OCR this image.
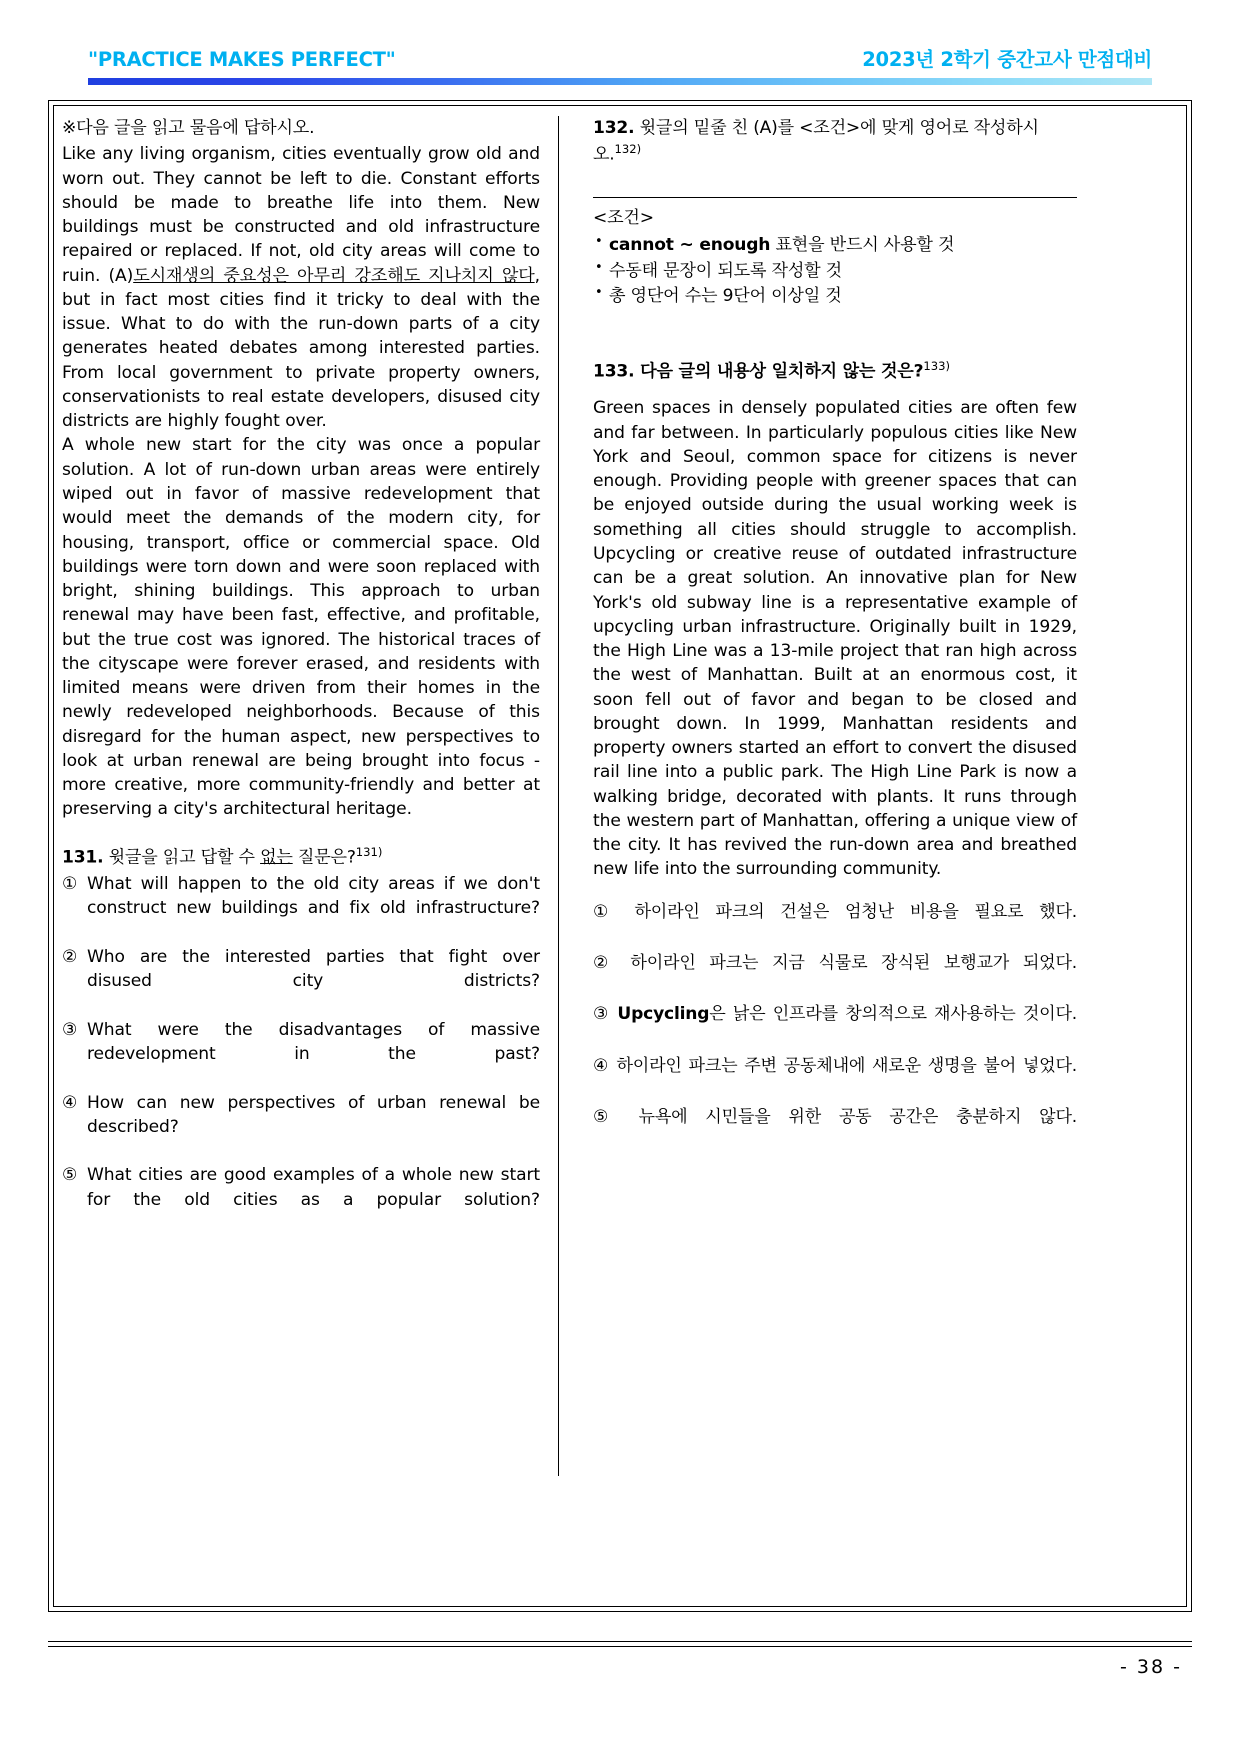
"PRACTICE MAKES PERFECT"	2023년 2학기 중간고사 만점대비

※다음 글을 읽고 물음에 답하시오.

Like any living organism, cities eventually grow old and worn out. They cannot be left to die. Constant efforts should be made to breathe life into them. New buildings must be constructed and old infrastructure repaired or replaced. If not, old city areas will come to ruin. (A)도시재생의 중요성은 아무리 강조해도 지나치지 않다, but in fact most cities find it tricky to deal with the issue. What to do with the run-down parts of a city generates heated debates among interested parties. From local government to private property owners, conservationists to real estate developers, disused city districts are highly fought over.

A whole new start for the city was once a popular solution. A lot of run-down urban areas were entirely wiped out in favor of massive redevelopment that would meet the demands of the modern city, for housing, transport, office or commercial space. Old buildings were torn down and were soon replaced with bright, shining buildings. This approach to urban renewal may have been fast, effective, and profitable, but the true cost was ignored. The historical traces of the cityscape were forever erased, and residents with limited means were driven from their homes in the newly redeveloped neighborhoods. Because of this disregard for the human aspect, new perspectives to look at urban renewal are being brought into focus - more creative, more community-friendly and better at preserving a city's architectural heritage.

131. 윗글을 읽고 답할 수 없는 질문은?$^{131)}$
① What will happen to the old city areas if we don't construct new buildings and fix old infrastructure?
② Who are the interested parties that fight over disused city districts?
③ What were the disadvantages of massive redevelopment in the past?
④ How can new perspectives of urban renewal be described?
⑤ What cities are good examples of a whole new start for the old cities as a popular solution?
132. 윗글의 밑줄 친 (A)를 <조건>에 맞게 영어로 작성하시오.$^{132)}$

<조건>

• cannot ~ enough 표현을 반드시 사용할 것
• 수동태 문장이 되도록 작성할 것
• 총 영단어 수는 9단어 이상일 것
133. 다음 글의 내용상 일치하지 않는 것은?$^{133)}$

Green spaces in densely populated cities are often few and far between. In particularly populous cities like New York and Seoul, common space for citizens is never enough. Providing people with greener spaces that can be enjoyed outside during the usual working week is something all cities should struggle to accomplish. Upcycling or creative reuse of outdated infrastructure can be a great solution. An innovative plan for New York's old subway line is a representative example of upcycling urban infrastructure. Originally built in 1929, the High Line was a 13-mile project that ran high across the west of Manhattan. Built at an enormous cost, it soon fell out of favor and began to be closed and brought down. In 1999, Manhattan residents and property owners started an effort to convert the disused rail line into a public park. The High Line Park is now a walking bridge, decorated with plants. It runs through the western part of Manhattan, offering a unique view of the city. It has revived the run-down area and breathed new life into the surrounding community.

① 하이라인 파크의 건설은 엄청난 비용을 필요로 했다.
② 하이라인 파크는 지금 식물로 장식된 보행교가 되었다.
③ Upcycling은 낡은 인프라를 창의적으로 재사용하는 것이다.
④ 하이라인 파크는 주변 공동체내에 새로운 생명을 불어 넣었다.
⑤ 뉴욕에 시민들을 위한 공동 공간은 충분하지 않다.
- 38 -
